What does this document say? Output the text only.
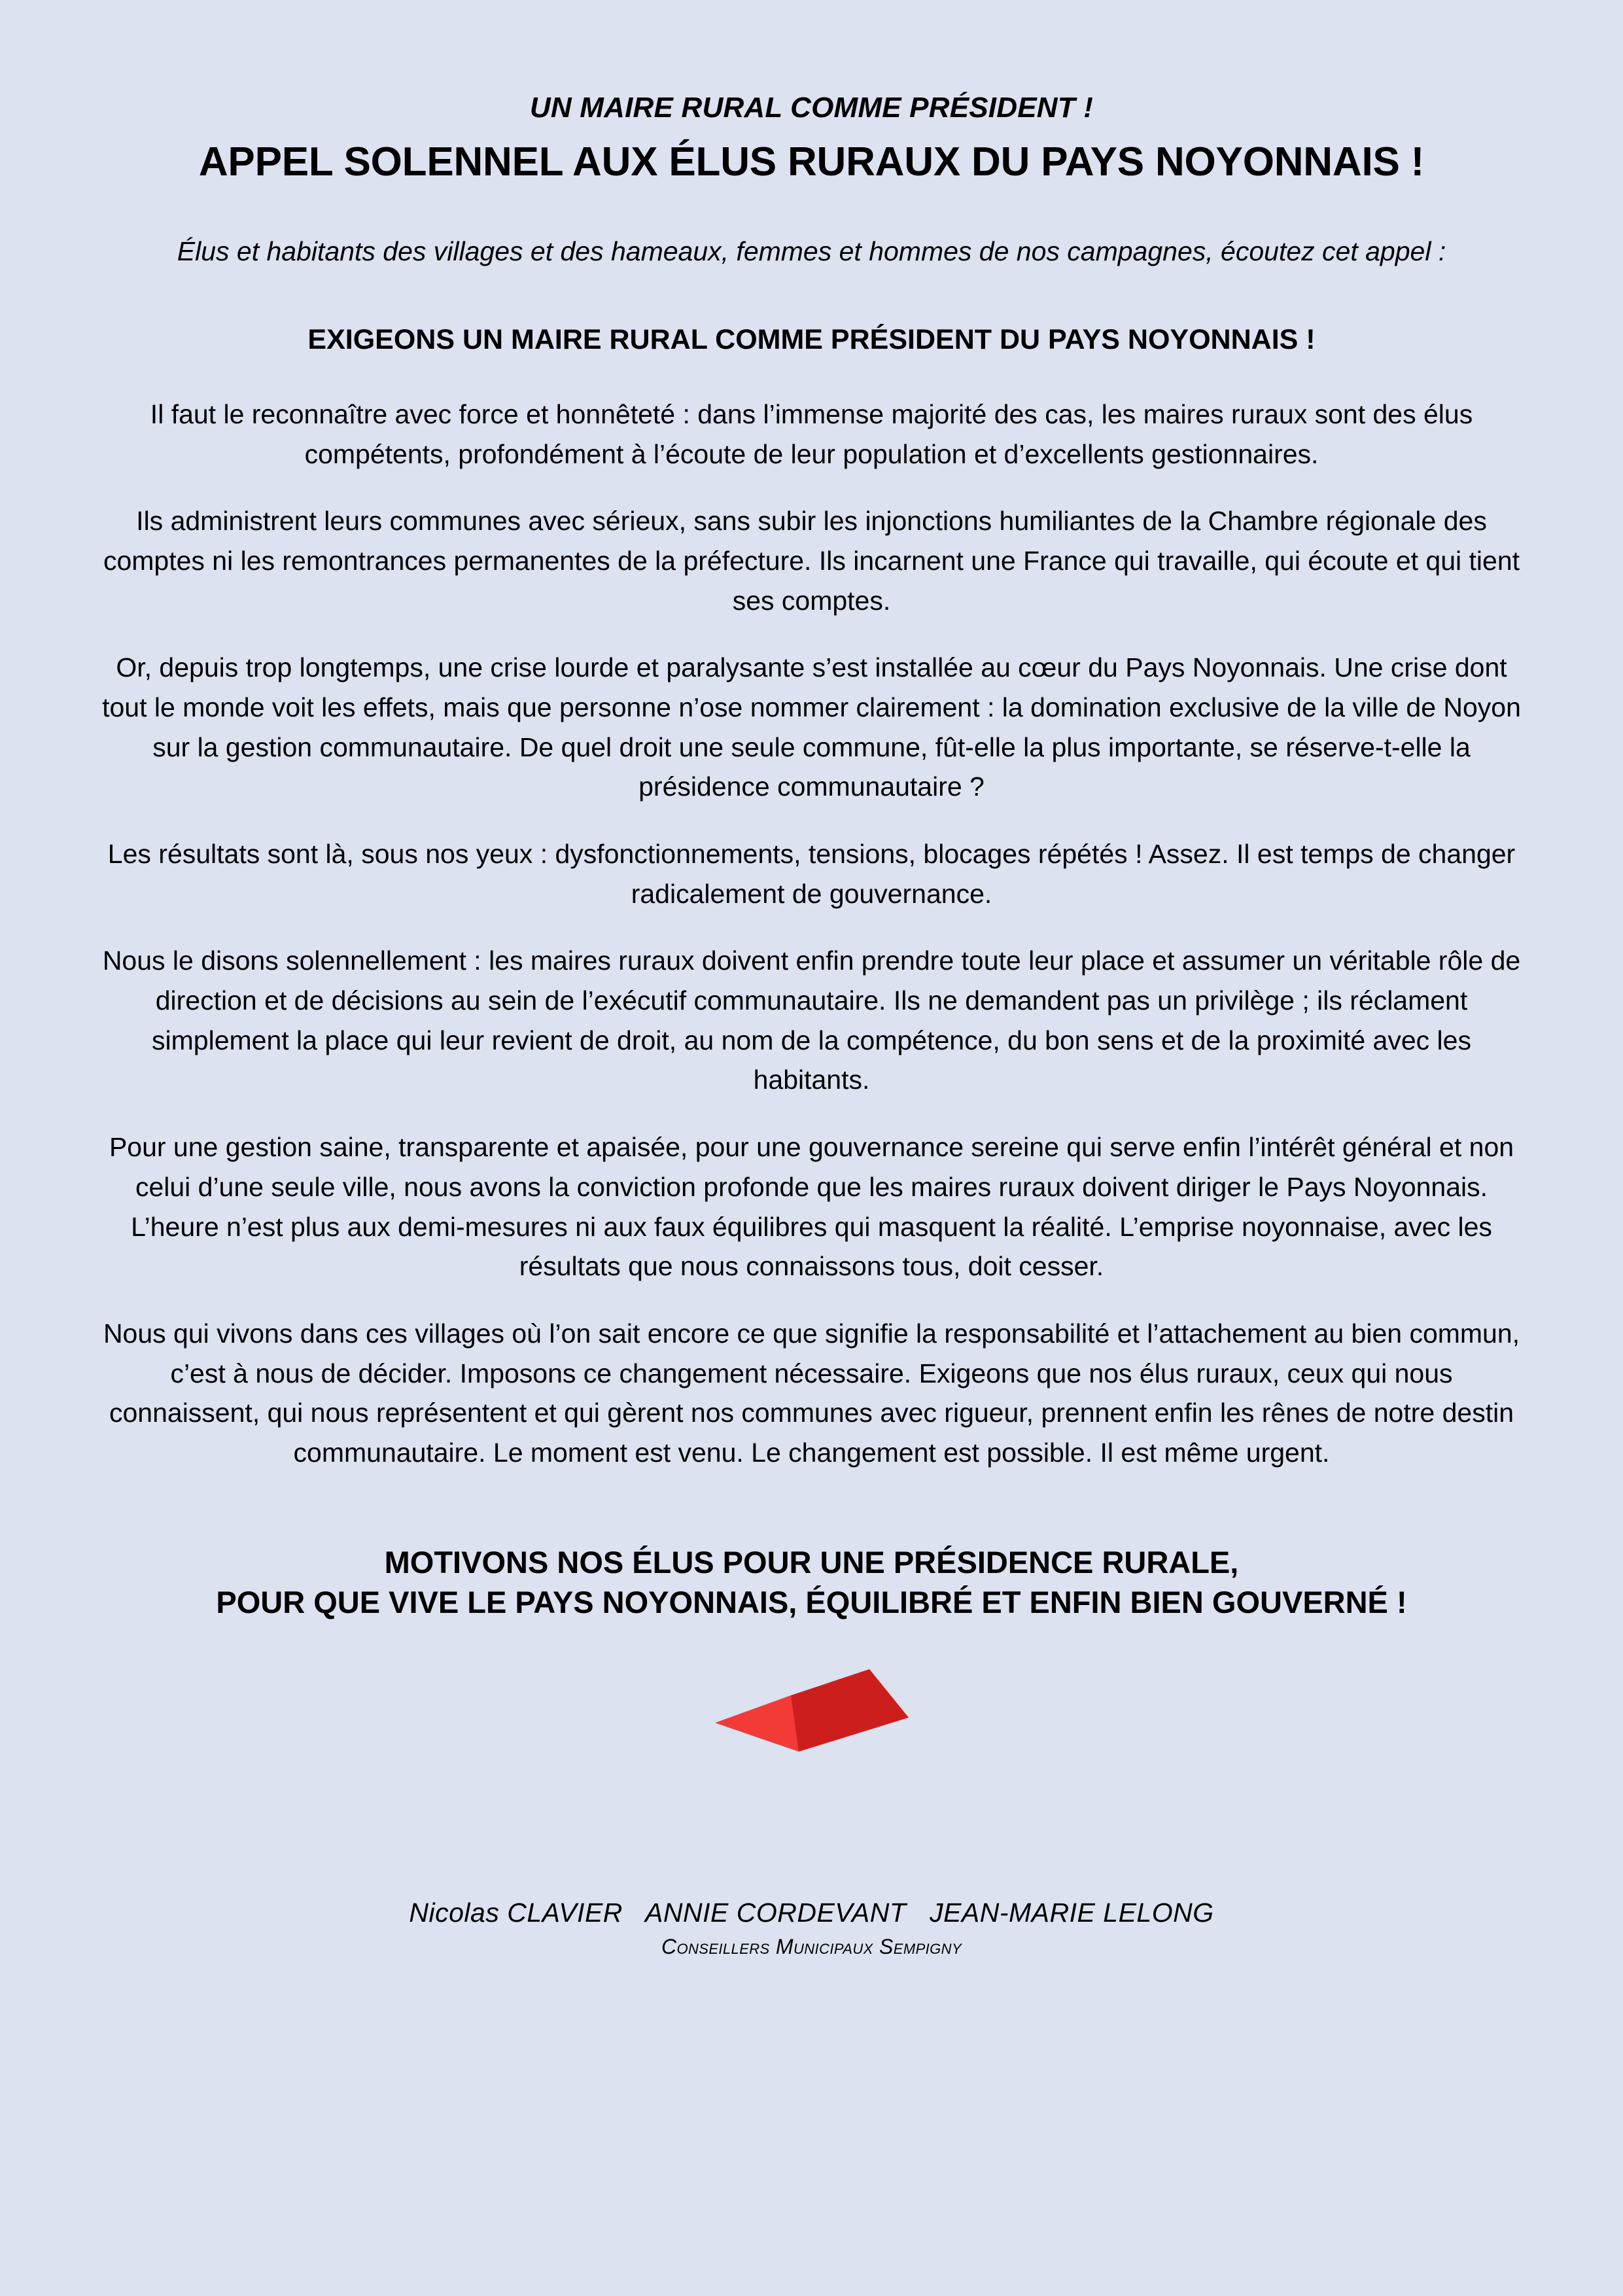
UN MAIRE RURAL COMME PRÉSIDENT !
APPEL SOLENNEL AUX ÉLUS RURAUX DU PAYS NOYONNAIS !

Élus et habitants des villages et des hameaux, femmes et hommes de nos campagnes, écoutez cet appel :

EXIGEONS UN MAIRE RURAL COMME PRÉSIDENT DU PAYS NOYONNAIS !

Il faut le reconnaître avec force et honnêteté : dans l’immense majorité des cas, les maires ruraux sont des élus compétents, profondément à l’écoute de leur population et d’excellents gestionnaires.

Ils administrent leurs communes avec sérieux, sans subir les injonctions humiliantes de la Chambre régionale des comptes ni les remontrances permanentes de la préfecture. Ils incarnent une France qui travaille, qui écoute et qui tient ses comptes.

Or, depuis trop longtemps, une crise lourde et paralysante s’est installée au cœur du Pays Noyonnais. Une crise dont tout le monde voit les effets, mais que personne n’ose nommer clairement : la domination exclusive de la ville de Noyon sur la gestion communautaire. De quel droit une seule commune, fût-elle la plus importante, se réserve-t-elle la présidence communautaire ?

Les résultats sont là, sous nos yeux : dysfonctionnements, tensions, blocages répétés ! Assez. Il est temps de changer radicalement de gouvernance.

Nous le disons solennellement : les maires ruraux doivent enfin prendre toute leur place et assumer un véritable rôle de direction et de décisions au sein de l’exécutif communautaire. Ils ne demandent pas un privilège ; ils réclament simplement la place qui leur revient de droit, au nom de la compétence, du bon sens et de la proximité avec les habitants.

Pour une gestion saine, transparente et apaisée, pour une gouvernance sereine qui serve enfin l’intérêt général et non celui d’une seule ville, nous avons la conviction profonde que les maires ruraux doivent diriger le Pays Noyonnais.

L’heure n’est plus aux demi-mesures ni aux faux équilibres qui masquent la réalité. L’emprise noyonnaise, avec les résultats que nous connaissons tous, doit cesser.

Nous qui vivons dans ces villages où l’on sait encore ce que signifie la responsabilité et l’attachement au bien commun, c’est à nous de décider. Imposons ce changement nécessaire. Exigeons que nos élus ruraux, ceux qui nous connaissent, qui nous représentent et qui gèrent nos communes avec rigueur, prennent enfin les rênes de notre destin communautaire. Le moment est venu. Le changement est possible. Il est même urgent.

MOTIVONS NOS ÉLUS POUR UNE PRÉSIDENCE RURALE,
POUR QUE VIVE LE PAYS NOYONNAIS, ÉQUILIBRÉ ET ENFIN BIEN GOUVERNÉ !

Nicolas CLAVIER   ANNIE CORDEVANT   JEAN-MARIE LELONG

Conseillers Municipaux Sempigny
